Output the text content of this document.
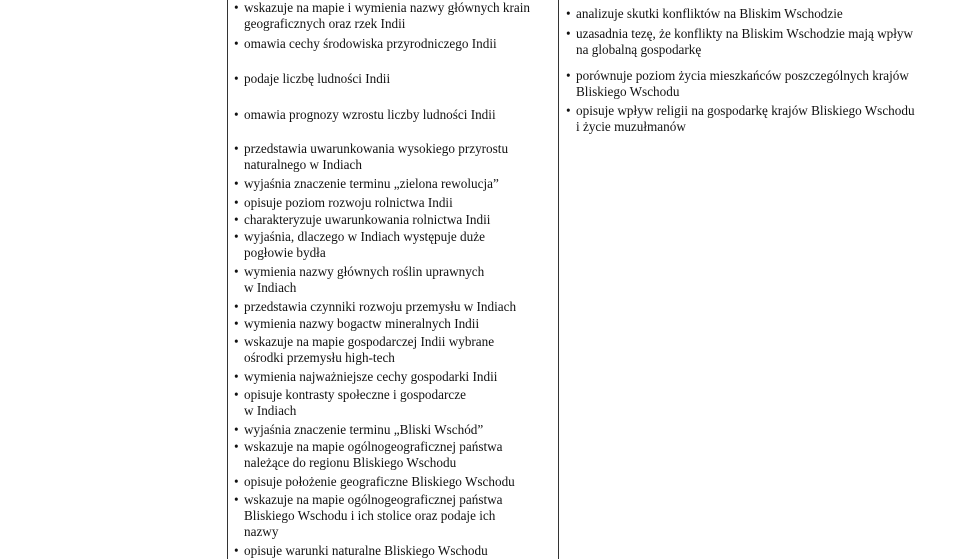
• wskazuje na mapie i wymienia nazwy głównych krain
geograficznych oraz rzek Indii
• omawia cechy środowiska przyrodniczego Indii
• podaje liczbę ludności Indii
• omawia prognozy wzrostu liczby ludności Indii
• przedstawia uwarunkowania wysokiego przyrostu
naturalnego w Indiach
• wyjaśnia znaczenie terminu „zielona rewolucja”
• opisuje poziom rozwoju rolnictwa Indii
• charakteryzuje uwarunkowania rolnictwa Indii
• wyjaśnia, dlaczego w Indiach występuje duże
pogłowie bydła
• wymienia nazwy głównych roślin uprawnych
w Indiach
• przedstawia czynniki rozwoju przemysłu w Indiach
• wymienia nazwy bogactw mineralnych Indii
• wskazuje na mapie gospodarczej Indii wybrane
ośrodki przemysłu high-tech
• wymienia najważniejsze cechy gospodarki Indii
• opisuje kontrasty społeczne i gospodarcze
w Indiach
• wyjaśnia znaczenie terminu „Bliski Wschód”
• wskazuje na mapie ogólnogeograficznej państwa
należące do regionu Bliskiego Wschodu
• opisuje położenie geograficzne Bliskiego Wschodu
• wskazuje na mapie ogólnogeograficznej państwa
Bliskiego Wschodu i ich stolice oraz podaje ich
nazwy
• opisuje warunki naturalne Bliskiego Wschodu
• analizuje skutki konfliktów na Bliskim Wschodzie
• uzasadnia tezę, że konflikty na Bliskim Wschodzie mają wpływ
na globalną gospodarkę
• porównuje poziom życia mieszkańców poszczególnych krajów
Bliskiego Wschodu
• opisuje wpływ religii na gospodarkę krajów Bliskiego Wschodu
i życie muzułmanów
